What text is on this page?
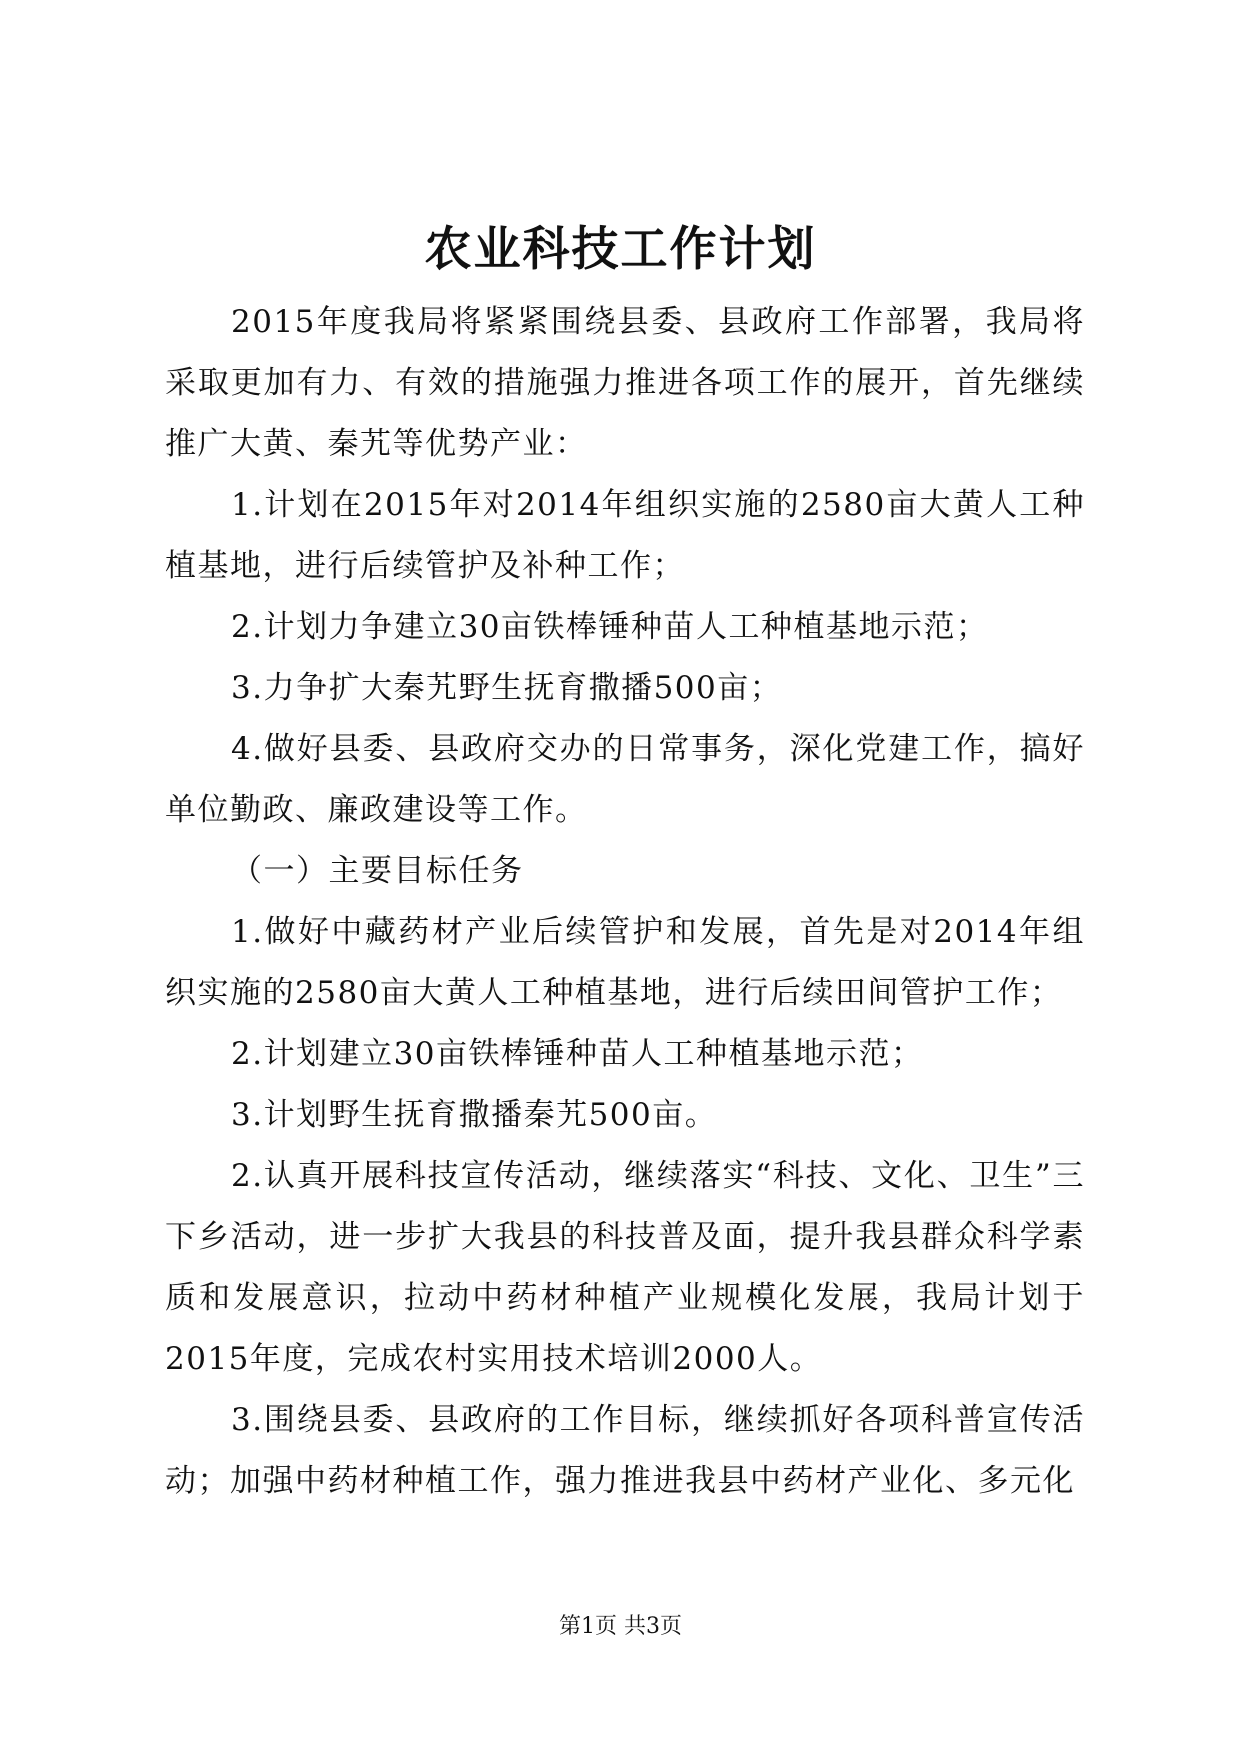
农业科技工作计划

2015年度我局将紧紧围绕县委、县政府工作部署，我局将采取更加有力、有效的措施强力推进各项工作的展开，首先继续推广大黄、秦艽等优势产业：

1.计划在2015年对2014年组织实施的2580亩大黄人工种植基地，进行后续管护及补种工作；

2.计划力争建立30亩铁棒锤种苗人工种植基地示范；

3.力争扩大秦艽野生抚育撒播500亩；

4.做好县委、县政府交办的日常事务，深化党建工作，搞好单位勤政、廉政建设等工作。

（一）主要目标任务

1.做好中藏药材产业后续管护和发展，首先是对2014年组织实施的2580亩大黄人工种植基地，进行后续田间管护工作；

2.计划建立30亩铁棒锤种苗人工种植基地示范；

3.计划野生抚育撒播秦艽500亩。

2.认真开展科技宣传活动，继续落实“科技、文化、卫生”三下乡活动，进一步扩大我县的科技普及面，提升我县群众科学素质和发展意识，拉动中药材种植产业规模化发展，我局计划于2015年度，完成农村实用技术培训2000人。

3.围绕县委、县政府的工作目标，继续抓好各项科普宣传活动；加强中药材种植工作，强力推进我县中药材产业化、多元化

第1页 共3页
